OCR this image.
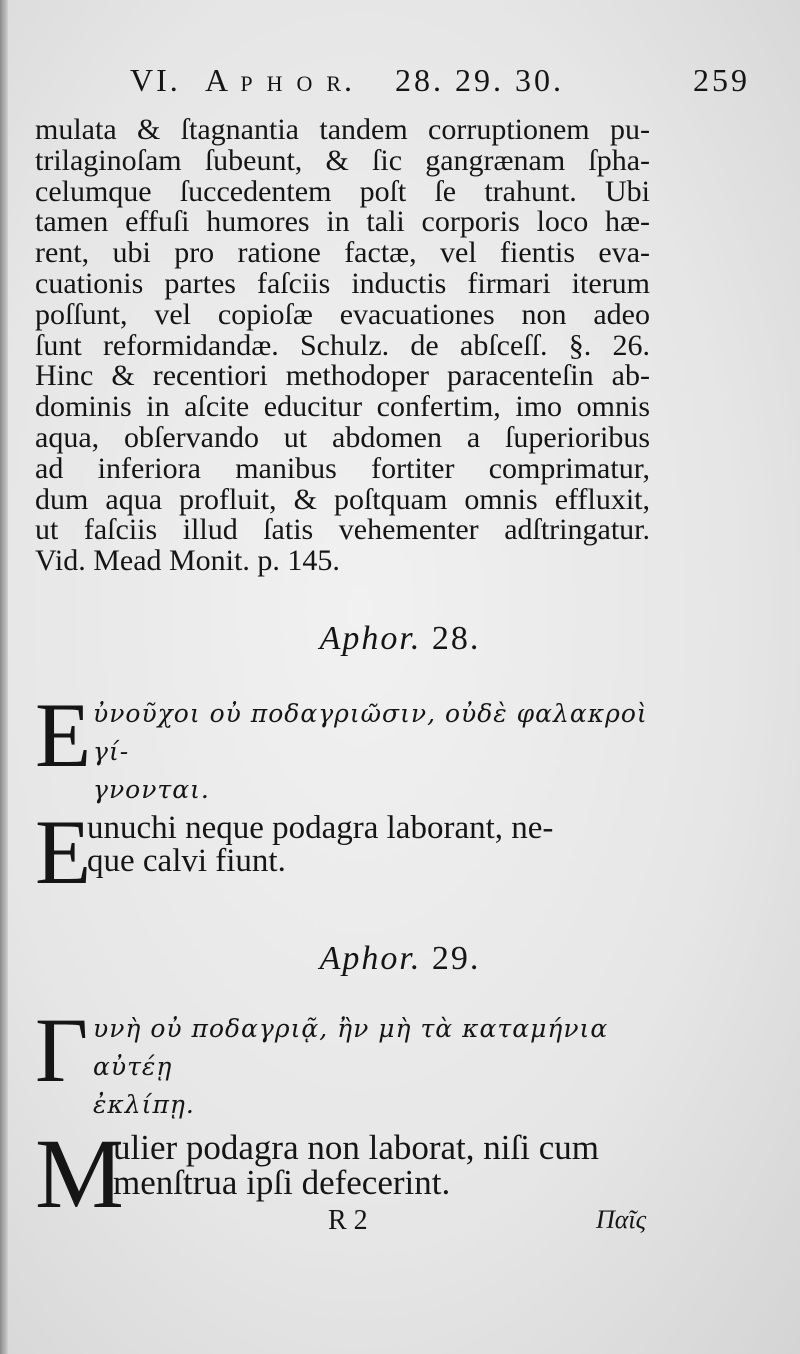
VI. A p h o r. 28. 29. 30.	259
mulata & ſtagnantia tandem corruptionem pu-
trilaginoſam ſubeunt, & ſic gangrænam ſpha-
celumque ſuccedentem poſt ſe trahunt. Ubi
tamen effuſi humores in tali corporis loco hæ-
rent, ubi pro ratione factæ, vel fientis eva-
cuationis partes faſciis inductis firmari iterum
poſſunt, vel copioſæ evacuationes non adeo
ſunt reformidandæ. Schulz. de abſceſſ. §. 26.
Hinc & recentiori methodoper paracenteſin ab-
dominis in aſcite educitur confertim, imo omnis
aqua, obſervando ut abdomen a ſuperioribus
ad inferiora manibus fortiter comprimatur,
dum aqua profluit, & poſtquam omnis effluxit,
ut faſciis illud ſatis vehementer adſtringatur.
Vid. Mead Monit. p. 145.
Aphor. 28.
E ὐνοῦχοι οὐ ποδαγριῶσιν, οὐδὲ φαλακροὶ γί-
γνονται.
E
unuchi neque podagra laborant, ne-
que calvi fiunt.
Aphor. 29.
Γ υνὴ οὐ ποδαγριᾷ, ἢν μὴ τὰ καταμήνια αὐτέῃ
ἐκλίπῃ.
M
ulier podagra non laborat, niſi cum
menſtrua ipſi defecerint.
R 2	Παῖς
